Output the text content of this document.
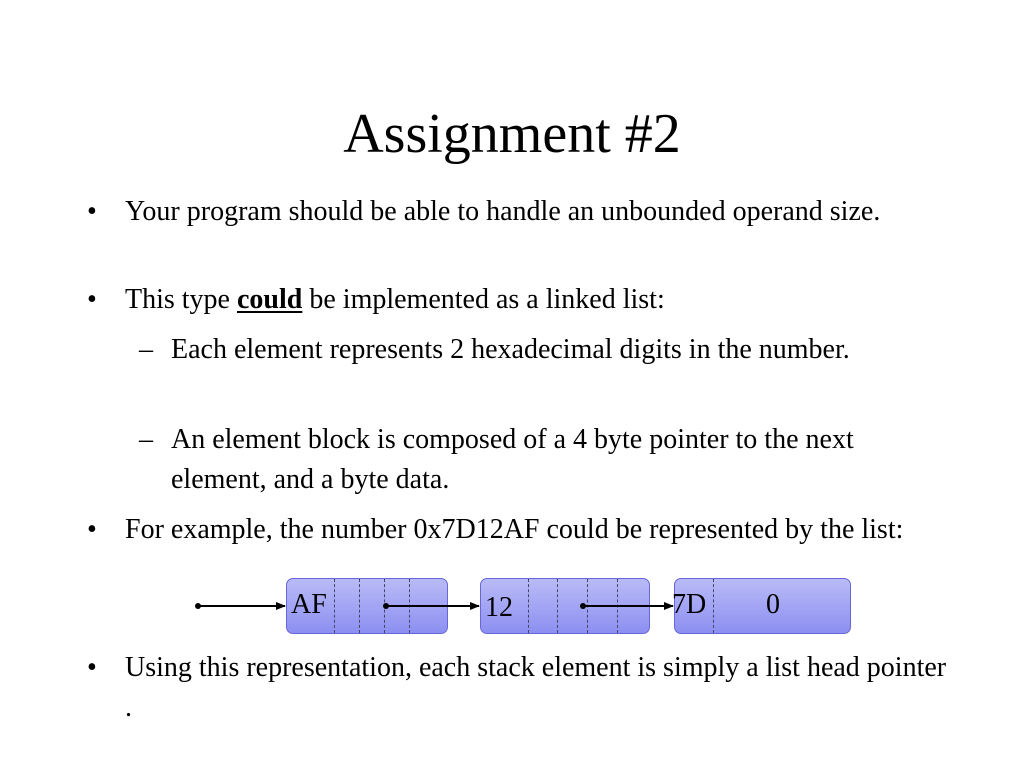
Assignment #2
• Your program should be able to handle an unbounded operand size.
• This type could be implemented as a linked list:
– Each element represents 2 hexadecimal digits in the number.
– An element block is composed of a 4 byte pointer to the next element, and a byte data.
• For example, the number 0x7D12AF could be represented by the list:
AF	12	7D 0
• Using this representation, each stack element is simply a list head pointer .
